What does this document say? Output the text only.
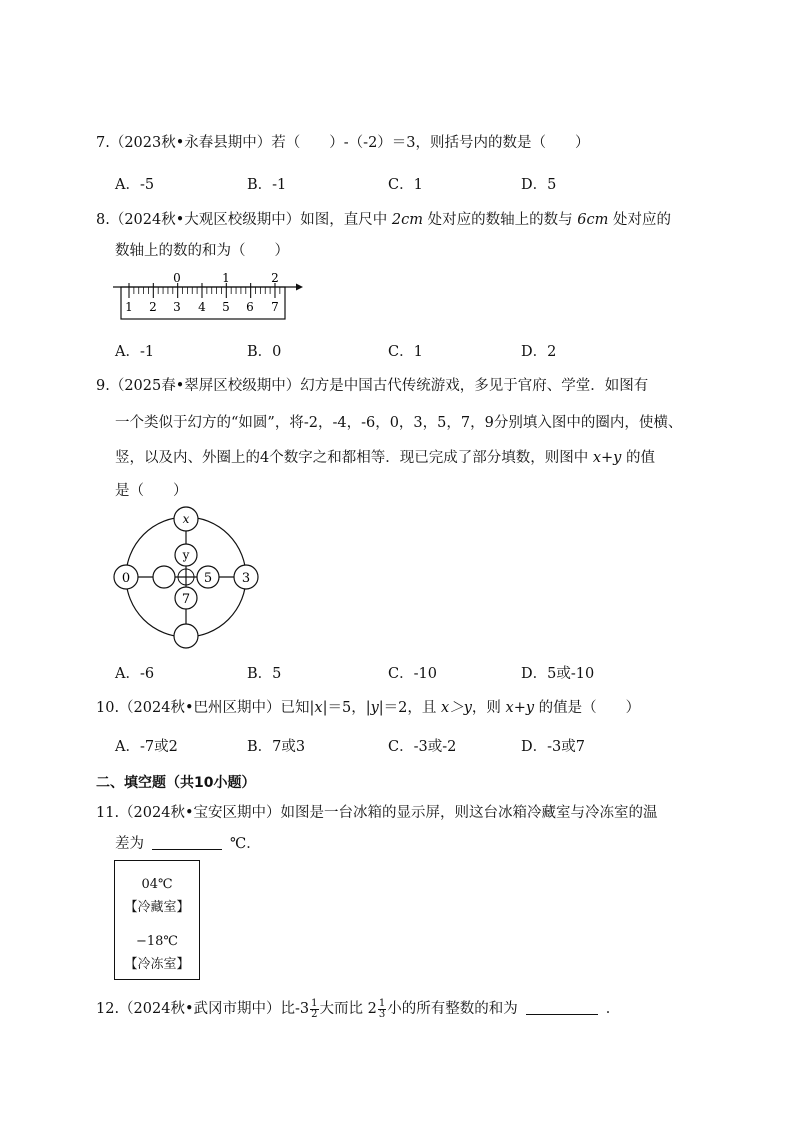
7.（2023秋•永春县期中）若（　　）-（-2）＝3，则括号内的数是（　　）
A．-5	B．-1	C．1	D．5
8.（2024秋•大观区校级期中）如图，直尺中 2cm 处对应的数轴上的数与 6cm 处对应的
数轴上的数的和为（　　）
0	1	2
1 2 3 4 5 6 7
A．-1	B．0	C．1	D．2
9.（2025春•翠屏区校级期中）幻方是中国古代传统游戏，多见于官府、学堂．如图有
一个类似于幻方的“如圆”，将-2，-4，-6，0，3，5，7，9分别填入图中的圈内，使横、
竖，以及内、外圈上的4个数字之和都相等．现已完成了部分填数，则图中 x+y 的值
是（　　）
x
y
0	5 3
7
A．-6	B．5	C．-10	D．5或-10
10.（2024秋•巴州区期中）已知|x|＝5，|y|＝2，且 x＞y，则 x+y 的值是（　　）
A．-7或2	B．7或3	C．-3或-2	D．-3或7
二、填空题（共10小题）
11.（2024秋•宝安区期中）如图是一台冰箱的显示屏，则这台冰箱冷藏室与冷冻室的温
差为	℃．
04℃
【冷藏室】
−18℃
【冷冻室】
12.（2024秋•武冈市期中）比$-3 \frac{1}{2}$ 大而比 $2 \frac{1}{3}$ 小的所有整数的和为	．
